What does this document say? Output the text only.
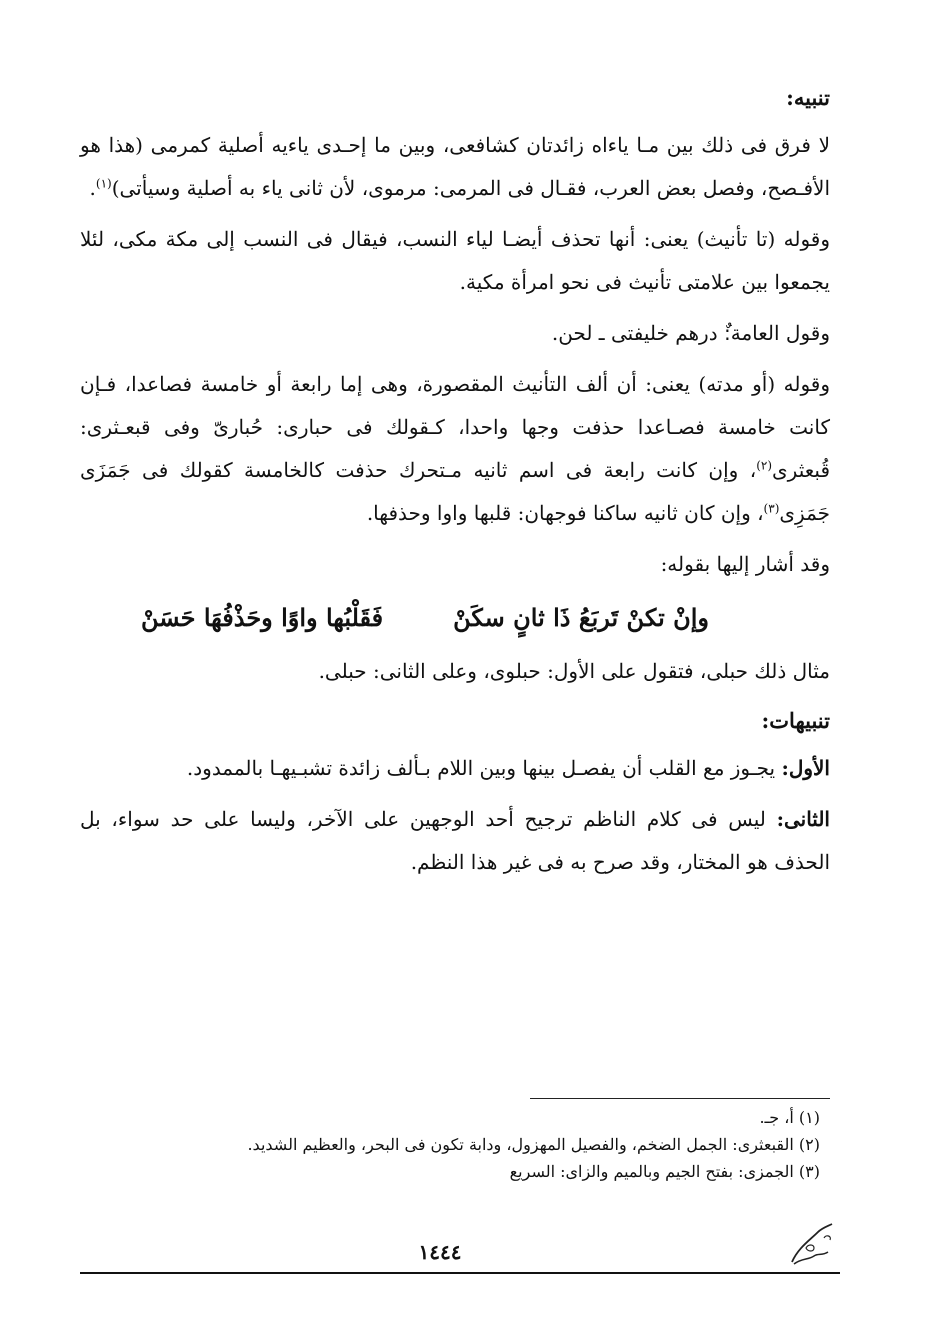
تنبيه:

لا فرق فى ذلك بين مـا ياءاه زائدتان كشافعى، وبين ما إحـدى ياءيه أصلية كمرمى (هذا هو الأفـصح، وفصل بعض العرب، فقـال فى المرمى: مرموى، لأن ثانى ياء به أصلية وسيأتى)$^{(١)}$.

وقوله (تا تأنيث) يعنى: أنها تحذف أيضـا لياء النسب، فيقال فى النسب إلى مكة مكى، لئلا يجمعوا بين علامتى تأنيث فى نحو امرأة مكية.

وقول العامة:ٌ درهم خليفتى ـ لحن.

وقوله (أو مدته) يعنى: أن ألف التأنيث المقصورة، وهى إما رابعة أو خامسة فصاعدا، فـإن كانت خامسة فصـاعدا حذفت وجها واحدا، كـقولك فى حبارى: حُبارىّ وفى قبعـثرى: قُبعثرى$^{(٢)}$، وإن كانت رابعة فى اسم ثانيه مـتحرك حذفت كالخامسة كقولك فى جَمَزَى جَمَزِى$^{(٣)}$، وإن كان ثانيه ساكنا فوجهان: قلبها واوا وحذفها.

وقد أشار إليها بقوله:

وإنْ تكنْ تَربَعُ ذَا ثانٍ سكَنْ
فَقَلْبُها واوًا وحَذْفُهَا حَسَنْ

مثال ذلك حبلى، فتقول على الأول: حبلوى، وعلى الثانى: حبلى.

تنبيهات:

الأول: يجـوز مع القلب أن يفصـل بينها وبين اللام بـألف زائدة تشبـيهـا بالممدود.

الثانى: ليس فى كلام الناظم ترجيح أحد الوجهين على الآخر، وليسا على حد سواء، بل الحذف هو المختار، وقد صرح به فى غير هذا النظم.

(١) أ، جـ.

(٢) القبعثرى: الجمل الضخم، والفصيل المهزول، ودابة تكون فى البحر، والعظيم الشديد.

(٣) الجمزى: بفتح الجيم وبالميم والزاى: السريع

١٤٤٤
